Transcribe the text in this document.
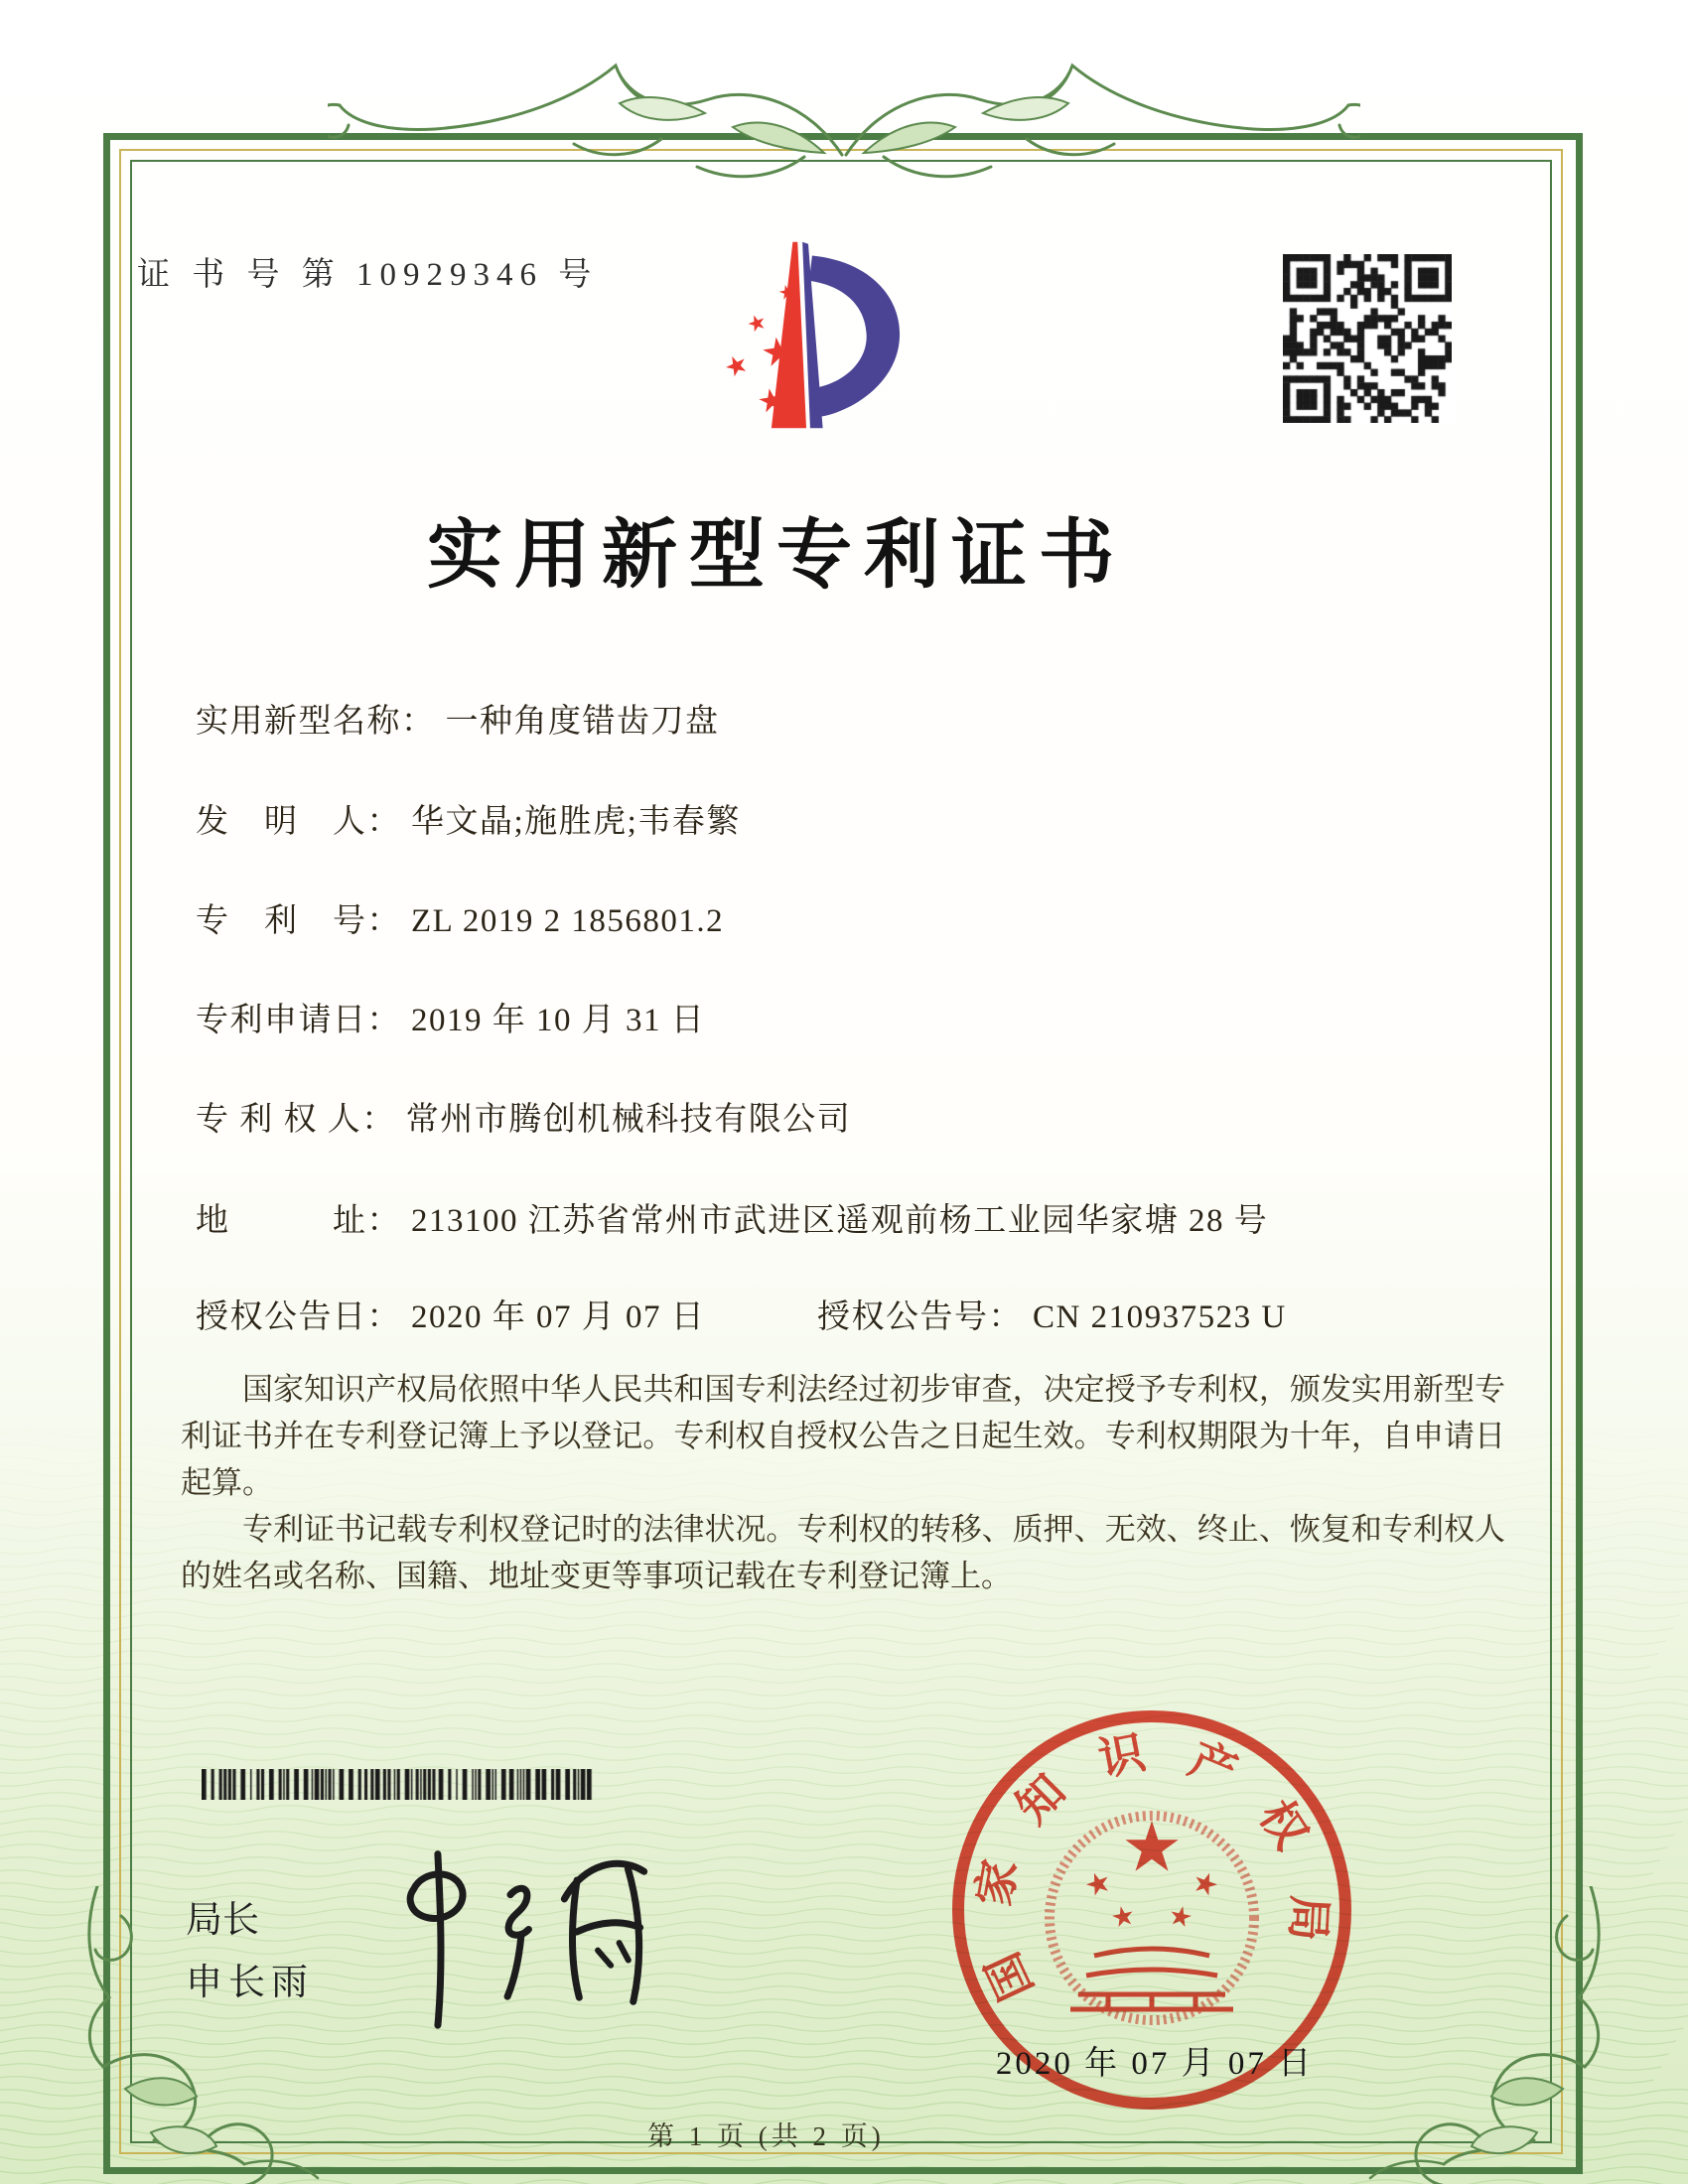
证 书 号 第 10929346 号
实用新型专利证书
实用新型名称： 一种角度错齿刀盘
发　明　人： 华文晶;施胜虎;韦春繁
专　利　号： ZL 2019 2 1856801.2
专利申请日： 2019 年 10 月 31 日
专 利 权 人： 常州市腾创机械科技有限公司
地　　　址： 213100 江苏省常州市武进区遥观前杨工业园华家塘 28 号
授权公告日： 2020 年 07 月 07 日	授权公告号： CN 210937523 U

国家知识产权局依照中华人民共和国专利法经过初步审查，决定授予专利权，颁发实用新型专利证书并在专利登记簿上予以登记。专利权自授权公告之日起生效。专利权期限为十年，自申请日起算。

专利证书记载专利权登记时的法律状况。专利权的转移、质押、无效、终止、恢复和专利权人的姓名或名称、国籍、地址变更等事项记载在专利登记簿上。

局长
申长雨	国
家
知
识 产
权
局
2020 年 07 月 07 日
第 1 页 (共 2 页)
